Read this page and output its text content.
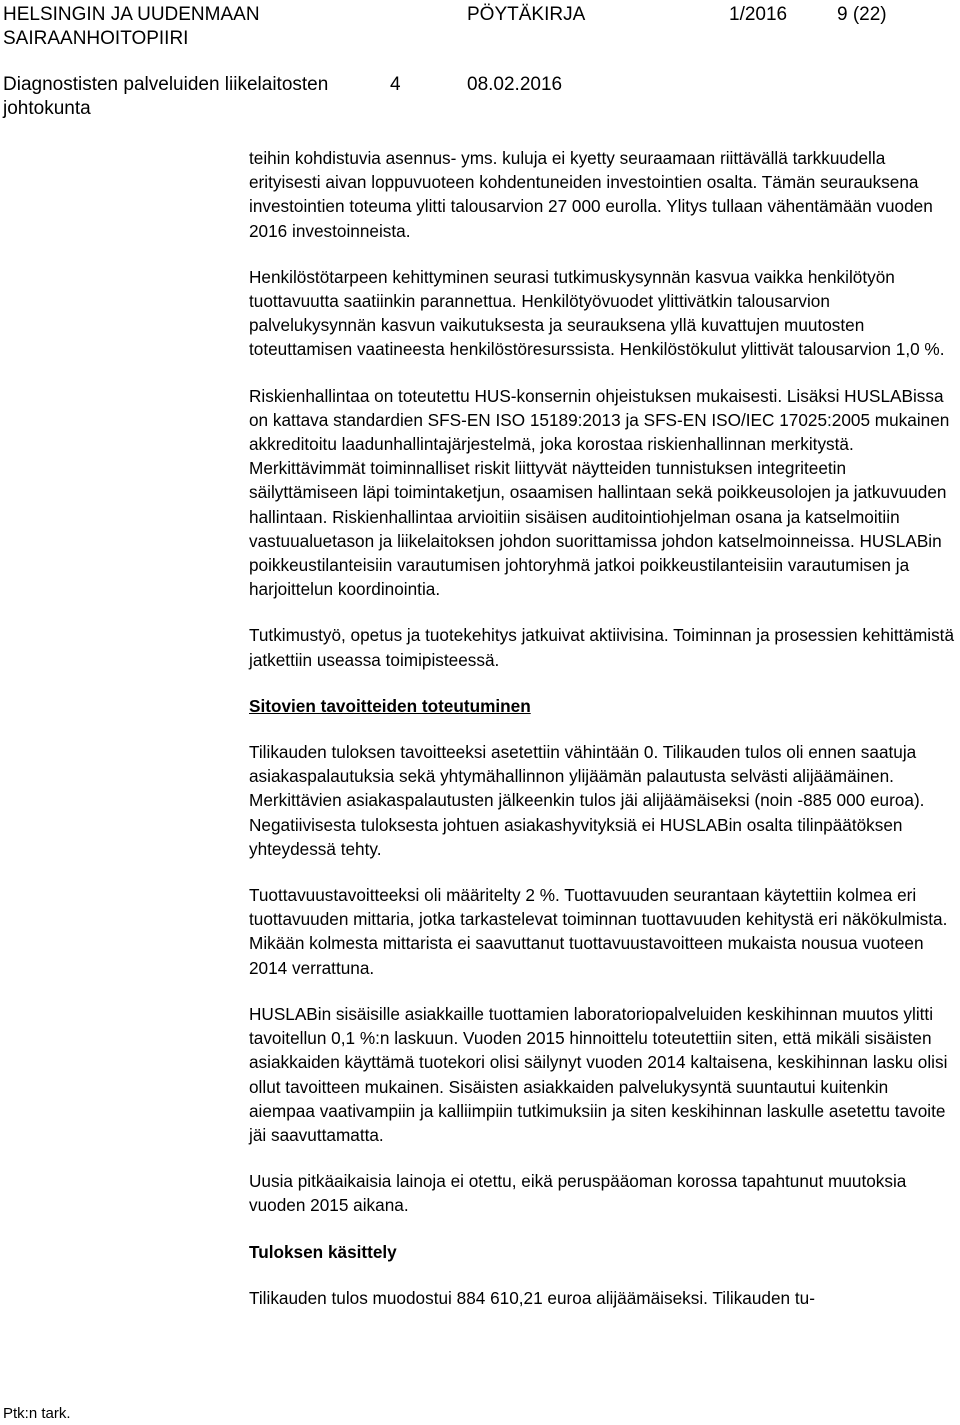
HELSINGIN JA UUDENMAAN
SAIRAANHOITOPIIRI
PÖYTÄKIRJA	1/2016	9 (22)
Diagnostisten palveluiden liikelaitosten
johtokunta
4	08.02.2016

teihin kohdistuvia asennus- yms. kuluja ei kyetty seuraamaan riittävällä tarkkuudella erityisesti aivan loppuvuoteen kohdentuneiden investointien osalta. Tämän seurauksena investointien toteuma ylitti talousarvion 27 000 eurolla. Ylitys tullaan vähentämään vuoden 2016 investoinneista.

Henkilöstötarpeen kehittyminen seurasi tutkimuskysynnän kasvua vaikka henkilötyön tuottavuutta saatiinkin parannettua. Henkilötyövuodet ylittivätkin talousarvion palvelukysynnän kasvun vaikutuksesta ja seurauksena yllä kuvattujen muutosten toteuttamisen vaatineesta henkilöstöresurssista. Henkilöstökulut ylittivät talousarvion 1,0 %.

Riskienhallintaa on toteutettu HUS-konsernin ohjeistuksen mukaisesti. Lisäksi HUSLABissa on kattava standardien SFS-EN ISO 15189:2013 ja SFS-EN ISO/IEC 17025:2005 mukainen akkreditoitu laadunhallintajärjestelmä, joka korostaa riskienhallinnan merkitystä. Merkittävimmät toiminnalliset riskit liittyvät näytteiden tunnistuksen integriteetin säilyttämiseen läpi toimintaketjun, osaamisen hallintaan sekä poikkeusolojen ja jatkuvuuden hallintaan. Riskienhallintaa arvioitiin sisäisen auditointiohjelman osana ja katselmoitiin vastuualuetason ja liikelaitoksen johdon suorittamissa johdon katselmoinneissa. HUSLABin poikkeustilanteisiin varautumisen johtoryhmä jatkoi poikkeustilanteisiin varautumisen ja harjoittelun koordinointia.

Tutkimustyö, opetus ja tuotekehitys jatkuivat aktiivisina. Toiminnan ja prosessien kehittämistä jatkettiin useassa toimipisteessä.

Sitovien tavoitteiden toteutuminen

Tilikauden tuloksen tavoitteeksi asetettiin vähintään 0. Tilikauden tulos oli ennen saatuja asiakaspalautuksia sekä yhtymähallinnon ylijäämän palautusta selvästi alijäämäinen. Merkittävien asiakaspalautusten jälkeenkin tulos jäi alijäämäiseksi (noin -885 000 euroa). Negatiivisesta tuloksesta johtuen asiakashyvityksiä ei HUSLABin osalta tilinpäätöksen yhteydessä tehty.

Tuottavuustavoitteeksi oli määritelty 2 %. Tuottavuuden seurantaan käytettiin kolmea eri tuottavuuden mittaria, jotka tarkastelevat toiminnan tuottavuuden kehitystä eri näkökulmista. Mikään kolmesta mittarista ei saavuttanut tuottavuustavoitteen mukaista nousua vuoteen 2014 verrattuna.

HUSLABin sisäisille asiakkaille tuottamien laboratoriopalveluiden keskihinnan muutos ylitti tavoitellun 0,1 %:n laskuun. Vuoden 2015 hinnoittelu toteutettiin siten, että mikäli sisäisten asiakkaiden käyttämä tuotekori olisi säilynyt vuoden 2014 kaltaisena, keskihinnan lasku olisi ollut tavoitteen mukainen. Sisäisten asiakkaiden palvelukysyntä suuntautui kuitenkin aiempaa vaativampiin ja kalliimpiin tutkimuksiin ja siten keskihinnan laskulle asetettu tavoite jäi saavuttamatta.

Uusia pitkäaikaisia lainoja ei otettu, eikä peruspääoman korossa tapahtunut muutoksia vuoden 2015 aikana.

Tuloksen käsittely

Tilikauden tulos muodostui 884 610,21 euroa alijäämäiseksi. Tilikauden tu-

Ptk:n tark.
